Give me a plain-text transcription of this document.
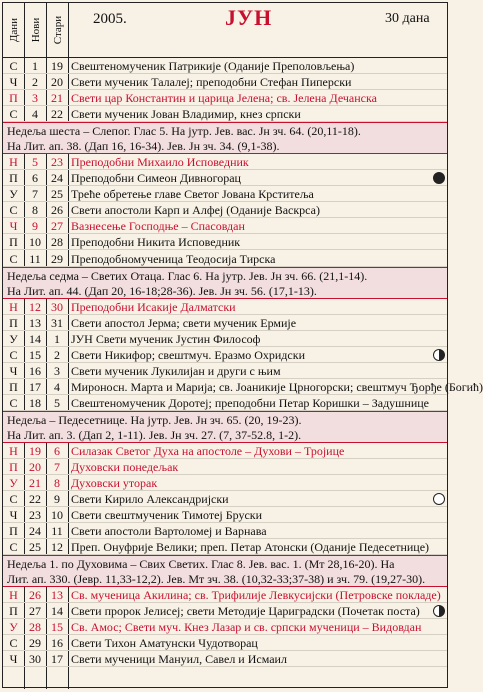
Дани Нови Стари 2005.	ЈУН	30 дана
С	1	19 Свештеномученик Патрикије (Оданије Преполовљења)
Ч	2	20 Свети мученик Талалеј; преподобни Стефан Пиперски
П	3	21 Свети цар Константин и царица Јелена; св. Јелена Дечанска
С	4	22 Свети мученик Јован Владимир, кнез српски
Недеља шеста – Слепог. Глас 5. На јутр. Јев. вас. Јн зч. 64. (20,11-18).
На Лит. ап. 38. (Дап 16, 16-34). Јев. Јн зч. 34. (9,1-38).
Н	5	23 Преподобни Михаило Исповедник
П	6	24 Преподобни Симеон Дивногорац
У	7	25 Треће обретење главе Светог Јована Крститеља
С	8	26 Свети апостоли Карп и Алфеј (Оданије Васкрса)
Ч	9	27 Вазнесење Господње – Спасовдан
П 10 28 Преподобни Никита Исповедник
С 11 29 Преподобномученица Теодосија Тирска
Недеља седма – Светих Отаца. Глас 6. На јутр. Јев. Јн зч. 66. (21,1-14).
На Лит. ап. 44. (Дап 20, 16-18;28-36). Јев. Јн зч. 56. (17,1-13).
Н 12 30 Преподобни Исакије Далматски
П 13 31 Свети апостол Јерма; свети мученик Ермије
У 14	1 ЈУН Свети мученик Јустин Философ
С 15	2 Свети Никифор; свештмуч. Еразмо Охридски
Ч 16	3 Свети мученик Лукилијан и други с њим
П 17	4 Мироносн. Марта и Марија; св. Јоаникије Црногорски; свештмуч Ђорђе (Богић)
С 18	5 Свештеномученик Доротеј; преподобни Петар Коришки – Задушнице
Недеља – Педесетнице. На јутр. Јев. Јн зч. 65. (20, 19-23).
На Лит. ап. 3. (Дап 2, 1-11). Јев. Јн зч. 27. (7, 37-52.8, 1-2).
Н 19	6 Силазак Светог Духа на апостоле – Духови – Тројице
П 20	7 Духовски понедељак
У 21	8 Духовски уторак
С 22	9 Свети Кирило Александријски
Ч 23 10 Свети свештмученик Тимотеј Бруски
П 24 11 Свети апостоли Вартоломеј и Варнава
С 25 12 Преп. Онуфрије Велики; преп. Петар Атонски (Оданије Педесетнице)
Недеља 1. по Духовима – Свих Светих. Глас 8. Јев. вас. 1. (Мт 28,16-20). На
Лит. ап. 330. (Јевр. 11,33-12,2). Јев. Мт зч. 38. (10,32-33;37-38) и зч. 79. (19,27-30).
Н 26 13 Св. мученица Акилина; св. Трифилије Левкусијски (Петровске покладе)
П 27 14 Свети пророк Јелисеј; свети Методије Цариградски (Почетак поста)
У 28 15 Св. Амос; Свети муч. Кнез Лазар и св. српски мученици – Видовдан
С 29 16 Свети Тихон Аматунски Чудотворац
Ч 30 17 Свети мученици Мануил, Савел и Исмаил
